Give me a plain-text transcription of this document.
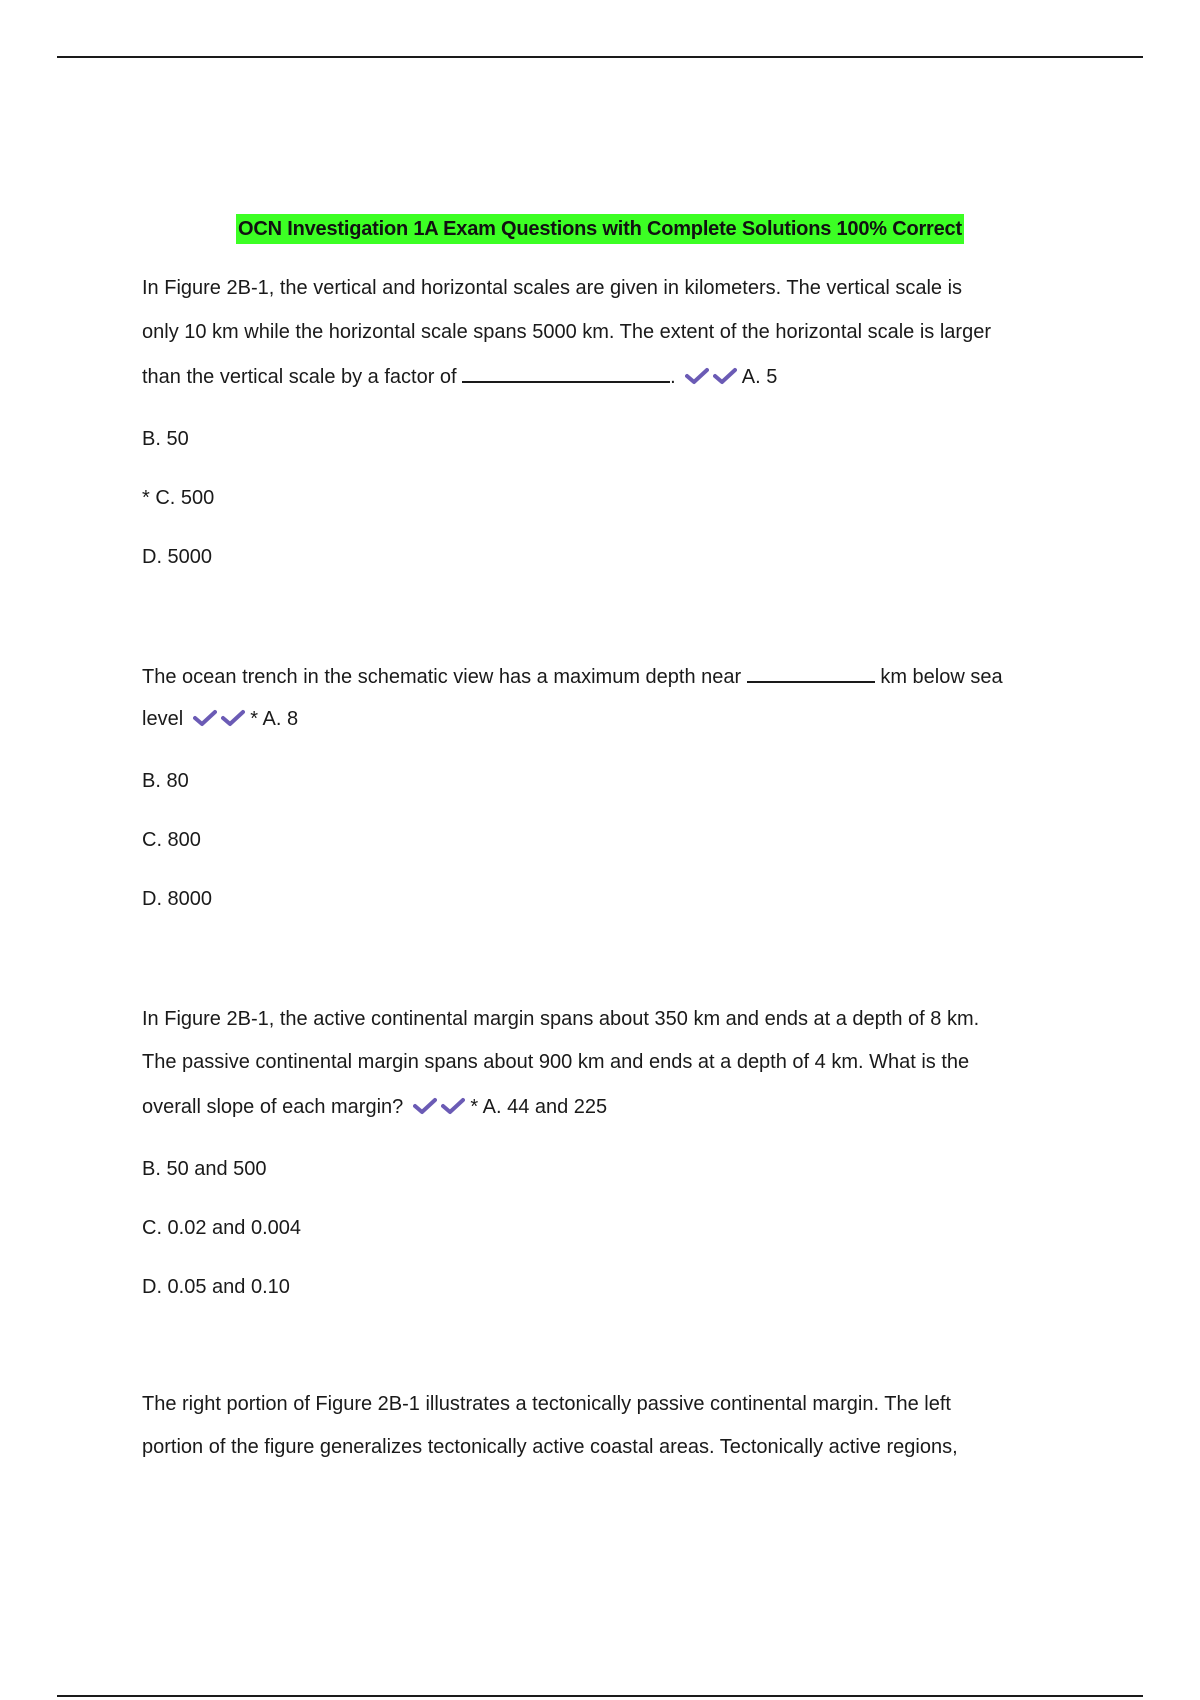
OCN Investigation 1A Exam Questions with Complete Solutions 100% Correct

In Figure 2B-1, the vertical and horizontal scales are given in kilometers. The vertical scale is

only 10 km while the horizontal scale spans 5000 km. The extent of the horizontal scale is larger

than the vertical scale by a factor of	.	A. 5

B. 50

* C. 500

D. 5000

The ocean trench in the schematic view has a maximum depth near	km below sea

level	* A. 8

B. 80

C. 800

D. 8000

In Figure 2B-1, the active continental margin spans about 350 km and ends at a depth of 8 km.

The passive continental margin spans about 900 km and ends at a depth of 4 km. What is the

overall slope of each margin?	* A. 44 and 225

B. 50 and 500

C. 0.02 and 0.004

D. 0.05 and 0.10

The right portion of Figure 2B-1 illustrates a tectonically passive continental margin. The left

portion of the figure generalizes tectonically active coastal areas. Tectonically active regions,
